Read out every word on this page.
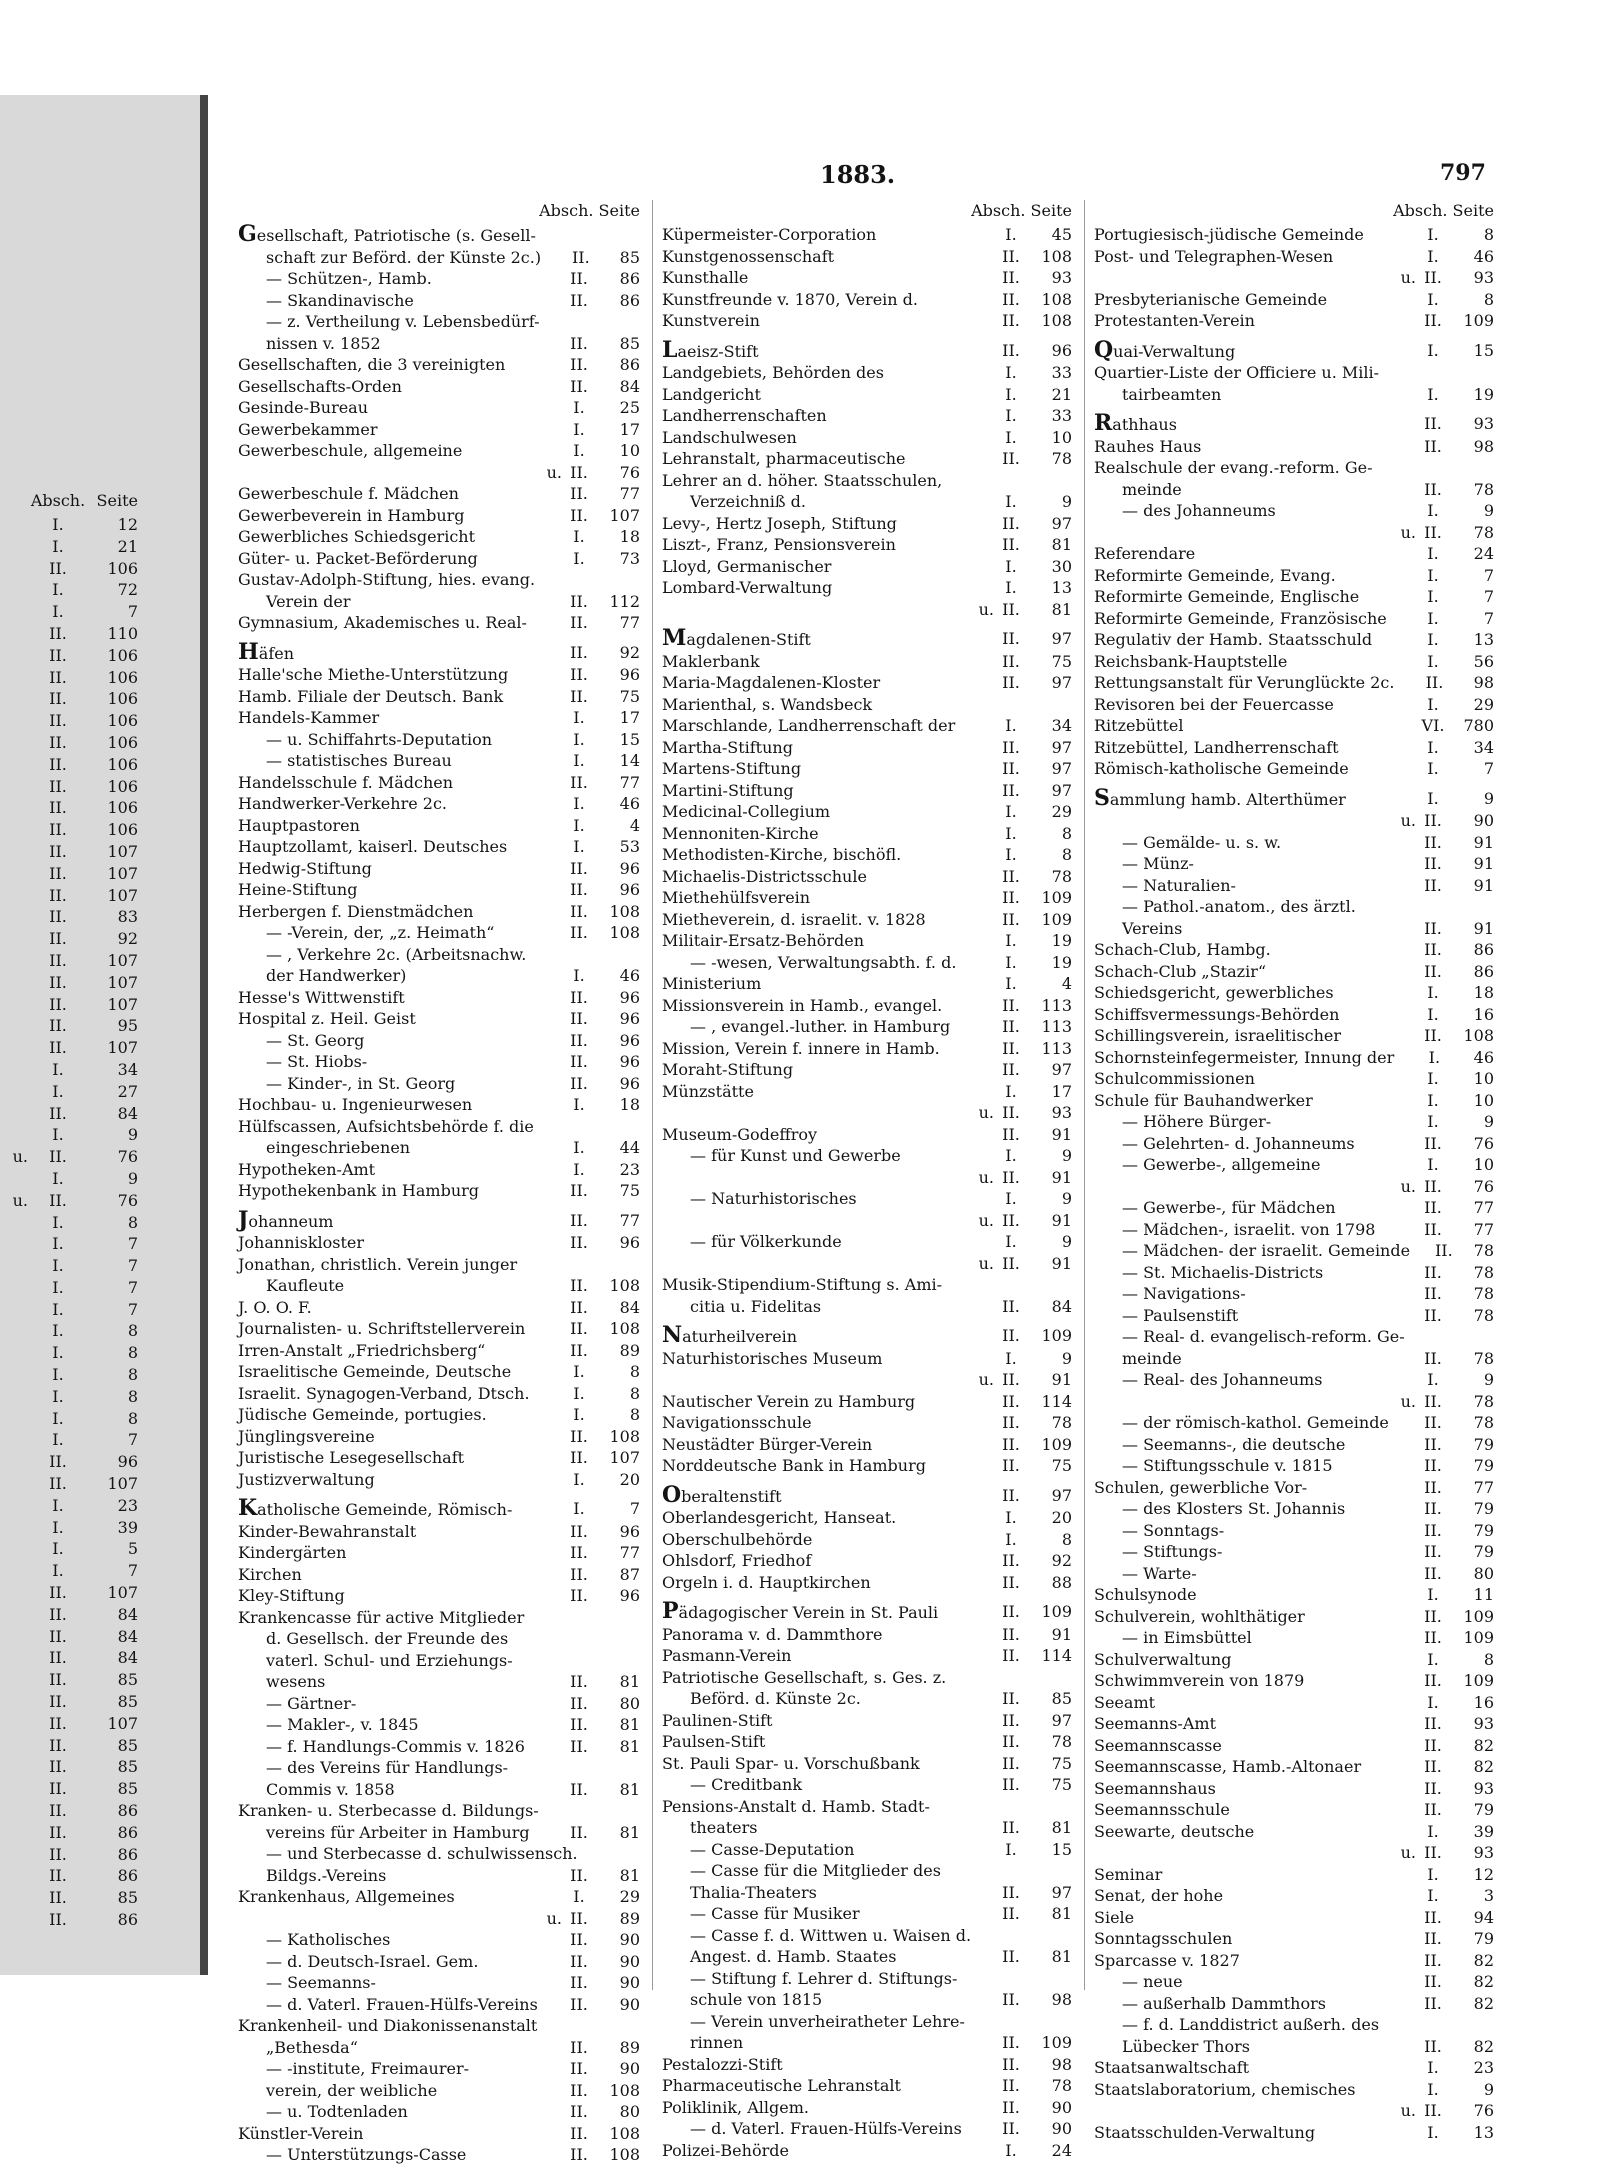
1883.	797
Absch. Seite
I.	12
I.	21
II.	106
I.	72
I.	7
II.	110
II.	106
II.	106
II.	106
II.	106
II.	106
II.	106
II.	106
II.	106
II.	106
II.	107
II.	107
II.	107
II.	83
II.	92
II.	107
II.	107
II.	107
II.	95
II.	107
I.	34
I.	27
II.	84
I.	9
u.	II.	76
I.	9
u.	II.	76
I.	8
I.	7
I.	7
I.	7
I.	7
I.	8
I.	8
I.	8
I.	8
I.	8
I.	7
II.	96
II.	107
I.	23
I.	39
I.	5
I.	7
II.	107
II.	84
II.	84
II.	84
II.	85
II.	85
II.	107
II.	85
II.	85
II.	85
II.	86
II.	86
II.	86
II.	86
II.	85
II.	86
Absch. Seite
Gesellschaft, Patriotische (s. Gesell-
schaft zur Beförd. der Künste 2c.)	II.	85
— Schützen-, Hamb.	II.	86
— Skandinavische	II.	86
— z. Vertheilung v. Lebensbedürf-
nissen v. 1852	II.	85
Gesellschaften, die 3 vereinigten	II.	86
Gesellschafts-Orden	II.	84
Gesinde-Bureau	I.	25
Gewerbekammer	I.	17
Gewerbeschule, allgemeine	I.	10
u. II.	76
Gewerbeschule f. Mädchen	II.	77
Gewerbeverein in Hamburg	II.	107
Gewerbliches Schiedsgericht	I.	18
Güter- u. Packet-Beförderung	I.	73
Gustav-Adolph-Stiftung, hies. evang.
Verein der	II.	112
Gymnasium, Akademisches u. Real-	II.	77
Häfen	II.	92
Halle'sche Miethe-Unterstützung	II.	96
Hamb. Filiale der Deutsch. Bank	II.	75
Handels-Kammer	I.	17
— u. Schiffahrts-Deputation	I.	15
— statistisches Bureau	I.	14
Handelsschule f. Mädchen	II.	77
Handwerker-Verkehre 2c.	I.	46
Hauptpastoren	I.	4
Hauptzollamt, kaiserl. Deutsches	I.	53
Hedwig-Stiftung	II.	96
Heine-Stiftung	II.	96
Herbergen f. Dienstmädchen	II.	108
— -Verein, der, „z. Heimath“	II.	108
— , Verkehre 2c. (Arbeitsnachw.
der Handwerker)	I.	46
Hesse's Wittwenstift	II.	96
Hospital z. Heil. Geist	II.	96
— St. Georg	II.	96
— St. Hiobs-	II.	96
— Kinder-, in St. Georg	II.	96
Hochbau- u. Ingenieurwesen	I.	18
Hülfscassen, Aufsichtsbehörde f. die
eingeschriebenen	I.	44
Hypotheken-Amt	I.	23
Hypothekenbank in Hamburg	II.	75
Johanneum	II.	77
Johanniskloster	II.	96
Jonathan, christlich. Verein junger
Kaufleute	II.	108
J. O. O. F.	II.	84
Journalisten- u. Schriftstellerverein	II.	108
Irren-Anstalt „Friedrichsberg“	II.	89
Israelitische Gemeinde, Deutsche	I.	8
Israelit. Synagogen-Verband, Dtsch.	I.	8
Jüdische Gemeinde, portugies.	I.	8
Jünglingsvereine	II.	108
Juristische Lesegesellschaft	II.	107
Justizverwaltung	I.	20
Katholische Gemeinde, Römisch-	I.	7
Kinder-Bewahranstalt	II.	96
Kindergärten	II.	77
Kirchen	II.	87
Kley-Stiftung	II.	96
Krankencasse für active Mitglieder
d. Gesellsch. der Freunde des
vaterl. Schul- und Erziehungs-
wesens	II.	81
— Gärtner-	II.	80
— Makler-, v. 1845	II.	81
— f. Handlungs-Commis v. 1826	II.	81
— des Vereins für Handlungs-
Commis v. 1858	II.	81
Kranken- u. Sterbecasse d. Bildungs-
vereins für Arbeiter in Hamburg	II.	81
— und Sterbecasse d. schulwissensch.
Bildgs.-Vereins	II.	81
Krankenhaus, Allgemeines	I.	29
u. II.	89
— Katholisches	II.	90
— d. Deutsch-Israel. Gem.	II.	90
— Seemanns-	II.	90
— d. Vaterl. Frauen-Hülfs-Vereins	II.	90
Krankenheil- und Diakonissenanstalt
„Bethesda“	II.	89
— -institute, Freimaurer-	II.	90
verein, der weibliche	II.	108
— u. Todtenladen	II.	80
Künstler-Verein	II.	108
— Unterstützungs-Casse	II.	108
Absch. Seite
Küpermeister-Corporation	I.	45
Kunstgenossenschaft	II.	108
Kunsthalle	II.	93
Kunstfreunde v. 1870, Verein d.	II.	108
Kunstverein	II.	108
Laeisz-Stift	II.	96
Landgebiets, Behörden des	I.	33
Landgericht	I.	21
Landherrenschaften	I.	33
Landschulwesen	I.	10
Lehranstalt, pharmaceutische	II.	78
Lehrer an d. höher. Staatsschulen,
Verzeichniß d.	I.	9
Levy-, Hertz Joseph, Stiftung	II.	97
Liszt-, Franz, Pensionsverein	II.	81
Lloyd, Germanischer	I.	30
Lombard-Verwaltung	I.	13
u. II.	81
Magdalenen-Stift	II.	97
Maklerbank	II.	75
Maria-Magdalenen-Kloster	II.	97
Marienthal, s. Wandsbeck
Marschlande, Landherrenschaft der	I.	34
Martha-Stiftung	II.	97
Martens-Stiftung	II.	97
Martini-Stiftung	II.	97
Medicinal-Collegium	I.	29
Mennoniten-Kirche	I.	8
Methodisten-Kirche, bischöfl.	I.	8
Michaelis-Districtsschule	II.	78
Miethehülfsverein	II.	109
Mietheverein, d. israelit. v. 1828	II.	109
Militair-Ersatz-Behörden	I.	19
— -wesen, Verwaltungsabth. f. d.	I.	19
Ministerium	I.	4
Missionsverein in Hamb., evangel.	II.	113
— , evangel.-luther. in Hamburg	II.	113
Mission, Verein f. innere in Hamb.	II.	113
Moraht-Stiftung	II.	97
Münzstätte	I.	17
u. II.	93
Museum-Godeffroy	II.	91
— für Kunst und Gewerbe	I.	9
u. II.	91
— Naturhistorisches	I.	9
u. II.	91
— für Völkerkunde	I.	9
u. II.	91
Musik-Stipendium-Stiftung s. Ami-
citia u. Fidelitas	II.	84
Naturheilverein	II.	109
Naturhistorisches Museum	I.	9
u. II.	91
Nautischer Verein zu Hamburg	II.	114
Navigationsschule	II.	78
Neustädter Bürger-Verein	II.	109
Norddeutsche Bank in Hamburg	II.	75
Oberaltenstift	II.	97
Oberlandesgericht, Hanseat.	I.	20
Oberschulbehörde	I.	8
Ohlsdorf, Friedhof	II.	92
Orgeln i. d. Hauptkirchen	II.	88
Pädagogischer Verein in St. Pauli	II.	109
Panorama v. d. Dammthore	II.	91
Pasmann-Verein	II.	114
Patriotische Gesellschaft, s. Ges. z.
Beförd. d. Künste 2c.	II.	85
Paulinen-Stift	II.	97
Paulsen-Stift	II.	78
St. Pauli Spar- u. Vorschußbank	II.	75
— Creditbank	II.	75
Pensions-Anstalt d. Hamb. Stadt-
theaters	II.	81
— Casse-Deputation	I.	15
— Casse für die Mitglieder des
Thalia-Theaters	II.	97
— Casse für Musiker	II.	81
— Casse f. d. Wittwen u. Waisen d.
Angest. d. Hamb. Staates	II.	81
— Stiftung f. Lehrer d. Stiftungs-
schule von 1815	II.	98
— Verein unverheiratheter Lehre-
rinnen	II.	109
Pestalozzi-Stift	II.	98
Pharmaceutische Lehranstalt	II.	78
Poliklinik, Allgem.	II.	90
— d. Vaterl. Frauen-Hülfs-Vereins	II.	90
Polizei-Behörde	I.	24
Absch. Seite
Portugiesisch-jüdische Gemeinde	I.	8
Post- und Telegraphen-Wesen	I.	46
u. II.	93
Presbyterianische Gemeinde	I.	8
Protestanten-Verein	II.	109
Quai-Verwaltung	I.	15
Quartier-Liste der Officiere u. Mili-
tairbeamten	I.	19
Rathhaus	II.	93
Rauhes Haus	II.	98
Realschule der evang.-reform. Ge-
meinde	II.	78
— des Johanneums	I.	9
u. II.	78
Referendare	I.	24
Reformirte Gemeinde, Evang.	I.	7
Reformirte Gemeinde, Englische	I.	7
Reformirte Gemeinde, Französische	I.	7
Regulativ der Hamb. Staatsschuld	I.	13
Reichsbank-Hauptstelle	I.	56
Rettungsanstalt für Verunglückte 2c.	II.	98
Revisoren bei der Feuercasse	I.	29
Ritzebüttel	VI.	780
Ritzebüttel, Landherrenschaft	I.	34
Römisch-katholische Gemeinde	I.	7
Sammlung hamb. Alterthümer	I.	9
u. II.	90
— Gemälde- u. s. w.	II.	91
— Münz-	II.	91
— Naturalien-	II.	91
— Pathol.-anatom., des ärztl.
Vereins	II.	91
Schach-Club, Hambg.	II.	86
Schach-Club „Stazir“	II.	86
Schiedsgericht, gewerbliches	I.	18
Schiffsvermessungs-Behörden	I.	16
Schillingsverein, israelitischer	II.	108
Schornsteinfegermeister, Innung der	I.	46
Schulcommissionen	I.	10
Schule für Bauhandwerker	I.	10
— Höhere Bürger-	I.	9
— Gelehrten- d. Johanneums	II.	76
— Gewerbe-, allgemeine	I.	10
u. II.	76
— Gewerbe-, für Mädchen	II.	77
— Mädchen-, israelit. von 1798	II.	77
— Mädchen- der israelit. Gemeinde	II.	78
— St. Michaelis-Districts	II.	78
— Navigations-	II.	78
— Paulsenstift	II.	78
— Real- d. evangelisch-reform. Ge-
meinde	II.	78
— Real- des Johanneums	I.	9
u. II.	78
— der römisch-kathol. Gemeinde	II.	78
— Seemanns-, die deutsche	II.	79
— Stiftungsschule v. 1815	II.	79
Schulen, gewerbliche Vor-	II.	77
— des Klosters St. Johannis	II.	79
— Sonntags-	II.	79
— Stiftungs-	II.	79
— Warte-	II.	80
Schulsynode	I.	11
Schulverein, wohlthätiger	II.	109
— in Eimsbüttel	II.	109
Schulverwaltung	I.	8
Schwimmverein von 1879	II.	109
Seeamt	I.	16
Seemanns-Amt	II.	93
Seemannscasse	II.	82
Seemannscasse, Hamb.-Altonaer	II.	82
Seemannshaus	II.	93
Seemannsschule	II.	79
Seewarte, deutsche	I.	39
u. II.	93
Seminar	I.	12
Senat, der hohe	I.	3
Siele	II.	94
Sonntagsschulen	II.	79
Sparcasse v. 1827	II.	82
— neue	II.	82
— außerhalb Dammthors	II.	82
— f. d. Landdistrict außerh. des
Lübecker Thors	II.	82
Staatsanwaltschaft	I.	23
Staatslaboratorium, chemisches	I.	9
u. II.	76
Staatsschulden-Verwaltung	I.	13
